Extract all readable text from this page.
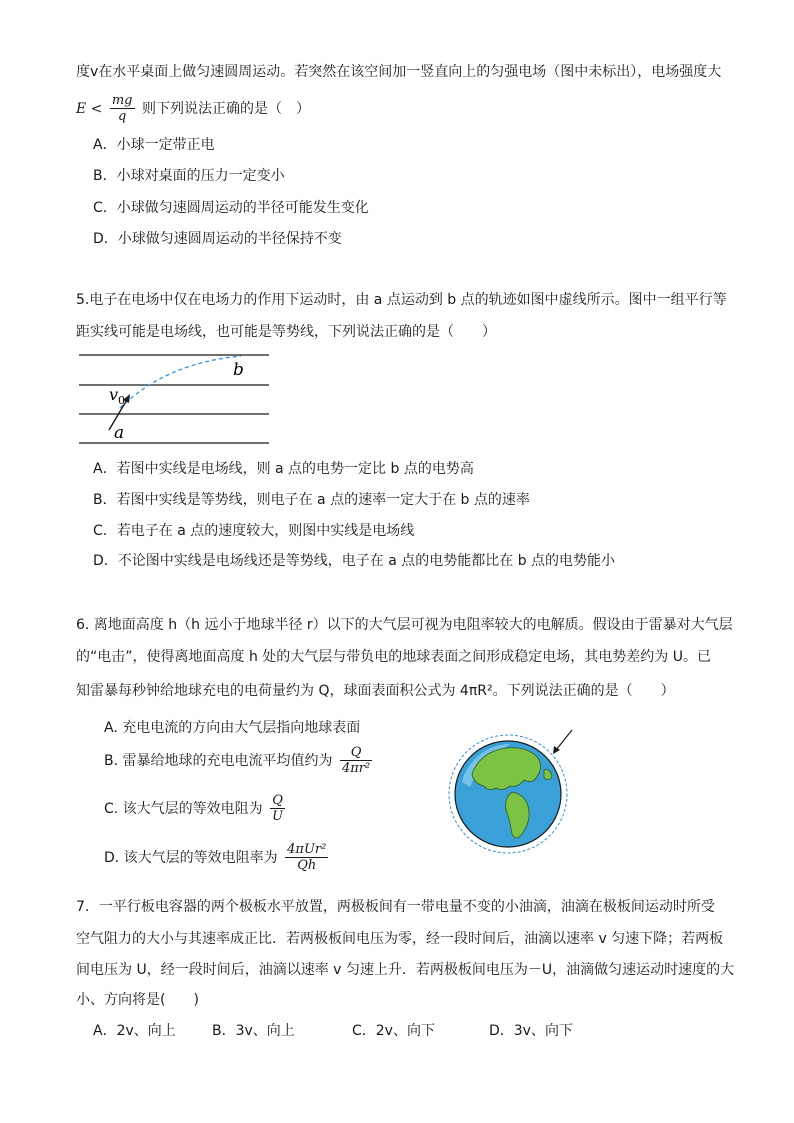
度v在水平桌面上做匀速圆周运动。若突然在该空间加一竖直向上的匀强电场（图中未标出），电场强度大
$E < \frac{mg}{q}$ 则下列说法正确的是（　）
A．小球一定带正电
B．小球对桌面的压力一定变小
C．小球做匀速圆周运动的半径可能发生变化
D．小球做匀速圆周运动的半径保持不变
5.电子在电场中仅在电场力的作用下运动时，由 a 点运动到 b 点的轨迹如图中虚线所示。图中一组平行等
距实线可能是电场线，也可能是等势线，下列说法正确的是（　　）
b
$v_0$
a
A．若图中实线是电场线，则 a 点的电势一定比 b 点的电势高
B．若图中实线是等势线，则电子在 a 点的速率一定大于在 b 点的速率
C．若电子在 a 点的速度较大，则图中实线是电场线
D．不论图中实线是电场线还是等势线，电子在 a 点的电势能都比在 b 点的电势能小
6. 离地面高度 h（h 远小于地球半径 r）以下的大气层可视为电阻率较大的电解质。假设由于雷暴对大气层
的“电击”，使得离地面高度 h 处的大气层与带负电的地球表面之间形成稳定电场，其电势差约为 U。已
知雷暴每秒钟给地球充电的电荷量约为 Q，球面表面积公式为 4πR²。下列说法正确的是（　　）
A. 充电电流的方向由大气层指向地球表面
B. 雷暴给地球的充电电流平均值约为 $\frac{Q}{\text{4πr²}}$
C. 该大气层的等效电阻为 $\frac{Q}{U}$
D. 该大气层的等效电阻率为 $\frac{\text{4πUr²}}{Qh}$
7．一平行板电容器的两个极板水平放置，两极板间有一带电量不变的小油滴，油滴在极板间运动时所受
空气阻力的大小与其速率成正比．若两极板间电压为零，经一段时间后，油滴以速率 v 匀速下降；若两板
间电压为 U，经一段时间后，油滴以速率 v 匀速上升．若两极板间电压为－U，油滴做匀速运动时速度的大
小、方向将是(　　)
A．2v、向上	B．3v、向上	C．2v、向下	D．3v、向下
